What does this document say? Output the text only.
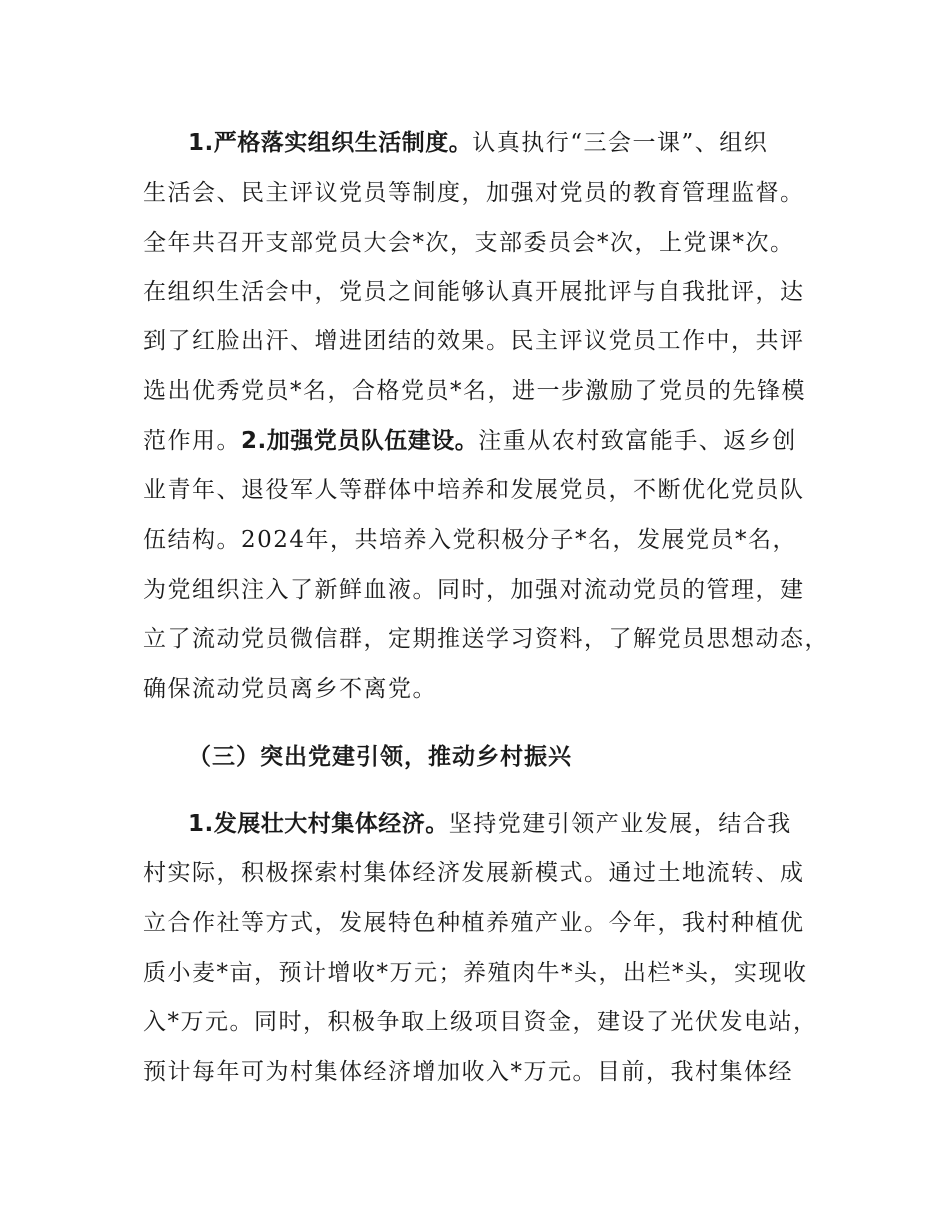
1.严格落实组织生活制度。认真执行“三会一课”、组织
生活会、民主评议党员等制度，加强对党员的教育管理监督。
全年共召开支部党员大会*次，支部委员会*次，上党课*次。
在组织生活会中，党员之间能够认真开展批评与自我批评，达
到了红脸出汗、增进团结的效果。民主评议党员工作中，共评
选出优秀党员*名，合格党员*名，进一步激励了党员的先锋模
范作用。2.加强党员队伍建设。注重从农村致富能手、返乡创
业青年、退役军人等群体中培养和发展党员，不断优化党员队
伍结构。2024年，共培养入党积极分子*名，发展党员*名，
为党组织注入了新鲜血液。同时，加强对流动党员的管理，建
立了流动党员微信群，定期推送学习资料，了解党员思想动态，
确保流动党员离乡不离党。
（三）突出党建引领，推动乡村振兴
1.发展壮大村集体经济。坚持党建引领产业发展，结合我
村实际，积极探索村集体经济发展新模式。通过土地流转、成
立合作社等方式，发展特色种植养殖产业。今年，我村种植优
质小麦*亩，预计增收*万元；养殖肉牛*头，出栏*头，实现收
入*万元。同时，积极争取上级项目资金，建设了光伏发电站，
预计每年可为村集体经济增加收入*万元。目前，我村集体经
